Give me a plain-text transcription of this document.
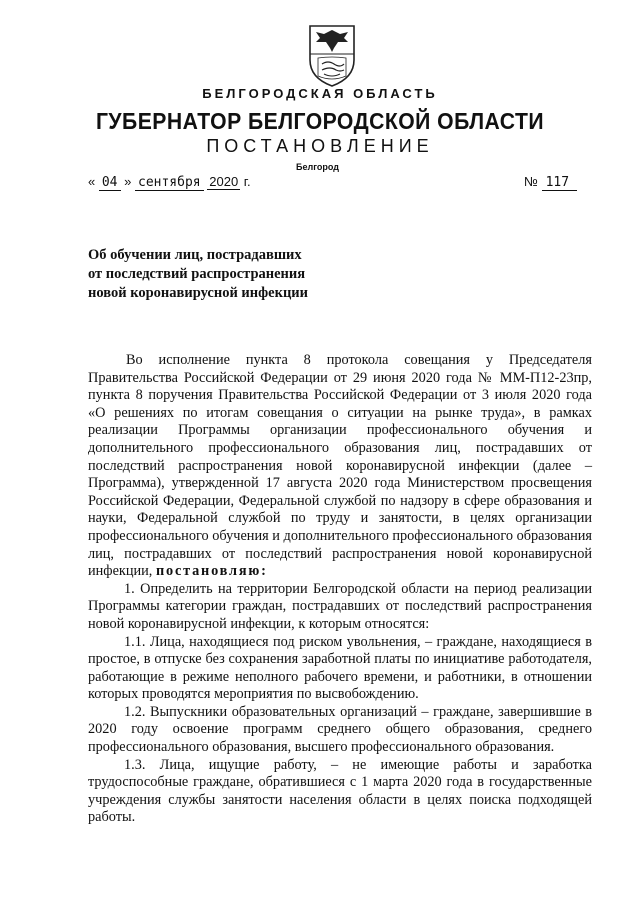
БЕЛГОРОДСКАЯ ОБЛАСТЬ
ГУБЕРНАТОР БЕЛГОРОДСКОЙ ОБЛАСТИ
ПОСТАНОВЛЕНИЕ
Белгород
« 04 » сентября 2020 г.	№ 117
Об обучении лиц, пострадавших
от последствий распространения
новой коронавирусной инфекции

Во исполнение пункта 8 протокола совещания у Председателя Правительства Российской Федерации от 29 июня 2020 года № ММ-П12-23пр, пункта 8 поручения Правительства Российской Федерации от 3 июля 2020 года «О решениях по итогам совещания о ситуации на рынке труда», в рамках реализации Программы организации профессионального обучения и дополнительного профессионального образования лиц, пострадавших от последствий распространения новой коронавирусной инфекции (далее – Программа), утвержденной 17 августа 2020 года Министерством просвещения Российской Федерации, Федеральной службой по надзору в сфере образования и науки, Федеральной службой по труду и занятости, в целях организации профессионального обучения и дополнительного профессионального образования лиц, пострадавших от последствий распространения новой коронавирусной инфекции, постановляю:

1. Определить на территории Белгородской области на период реализации Программы категории граждан, пострадавших от последствий распространения новой коронавирусной инфекции, к которым относятся:

1.1. Лица, находящиеся под риском увольнения, – граждане, находящиеся в простое, в отпуске без сохранения заработной платы по инициативе работодателя, работающие в режиме неполного рабочего времени, и работники, в отношении которых проводятся мероприятия по высвобождению.

1.2. Выпускники образовательных организаций – граждане, завершившие в 2020 году освоение программ среднего общего образования, среднего профессионального образования, высшего профессионального образования.

1.3. Лица, ищущие работу, – не имеющие работы и заработка трудоспособные граждане, обратившиеся с 1 марта 2020 года в государственные учреждения службы занятости населения области в целях поиска подходящей работы.
